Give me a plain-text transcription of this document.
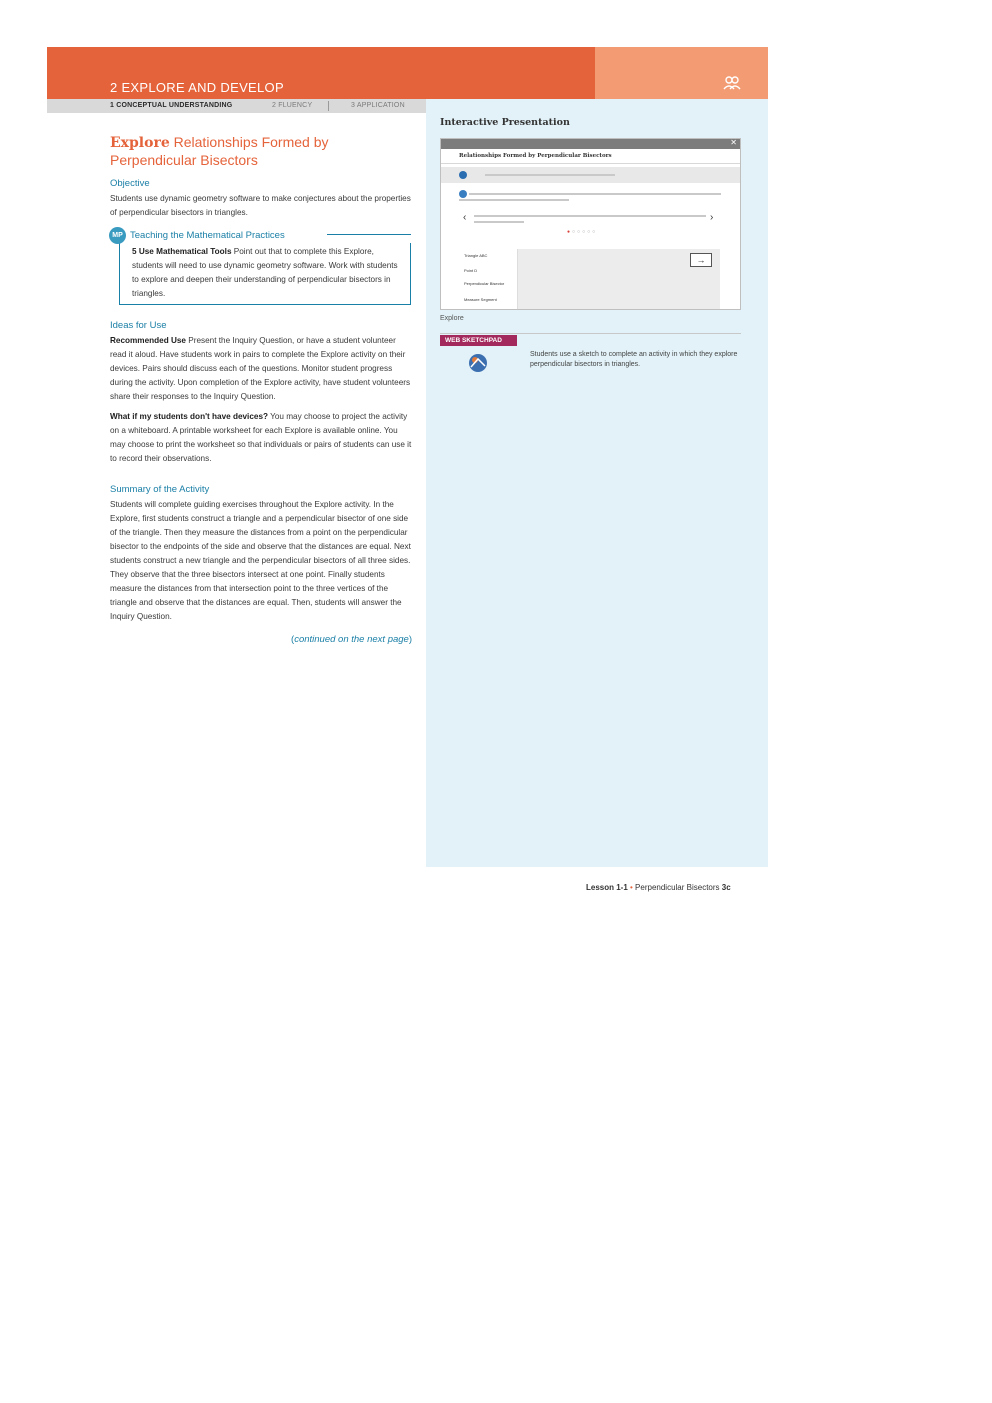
2 EXPLORE AND DEVELOP
1 CONCEPTUAL UNDERSTANDING	2 FLUENCY	3 APPLICATION
Explore Relationships Formed by
Perpendicular Bisectors
Objective

Students use dynamic geometry software to make conjectures about the properties of perpendicular bisectors in triangles.

MP Teaching the Mathematical Practices

5 Use Mathematical Tools Point out that to complete this Explore, students will need to use dynamic geometry software. Work with students to explore and deepen their understanding of perpendicular bisectors in triangles.

Ideas for Use

Recommended Use Present the Inquiry Question, or have a student volunteer read it aloud. Have students work in pairs to complete the Explore activity on their devices. Pairs should discuss each of the questions. Monitor student progress during the activity. Upon completion of the Explore activity, have student volunteers share their responses to the Inquiry Question.

What if my students don't have devices? You may choose to project the activity on a whiteboard. A printable worksheet for each Explore is available online. You may choose to print the worksheet so that individuals or pairs of students can use it to record their observations.

Summary of the Activity

Students will complete guiding exercises throughout the Explore activity. In the Explore, first students construct a triangle and a perpendicular bisector of one side of the triangle. Then they measure the distances from a point on the perpendicular bisector to the endpoints of the side and observe that the distances are equal. Next students construct a new triangle and the perpendicular bisectors of all three sides. They observe that the three bisectors intersect at one point. Finally students measure the distances from that intersection point to the three vertices of the triangle and observe that the distances are equal. Then, students will answer the Inquiry Question.

(continued on the next page)
Interactive Presentation
✕
Relationships Formed by Perpendicular Bisectors
‹	›
●○○○○○
Triangle ABC
Point D
Perpendicular Bisector
Measure Segment
→
Explore
WEB SKETCHPAD
Students use a sketch to complete an activity in which they explore perpendicular bisectors in triangles.
Lesson 1-1 • Perpendicular Bisectors 3c
